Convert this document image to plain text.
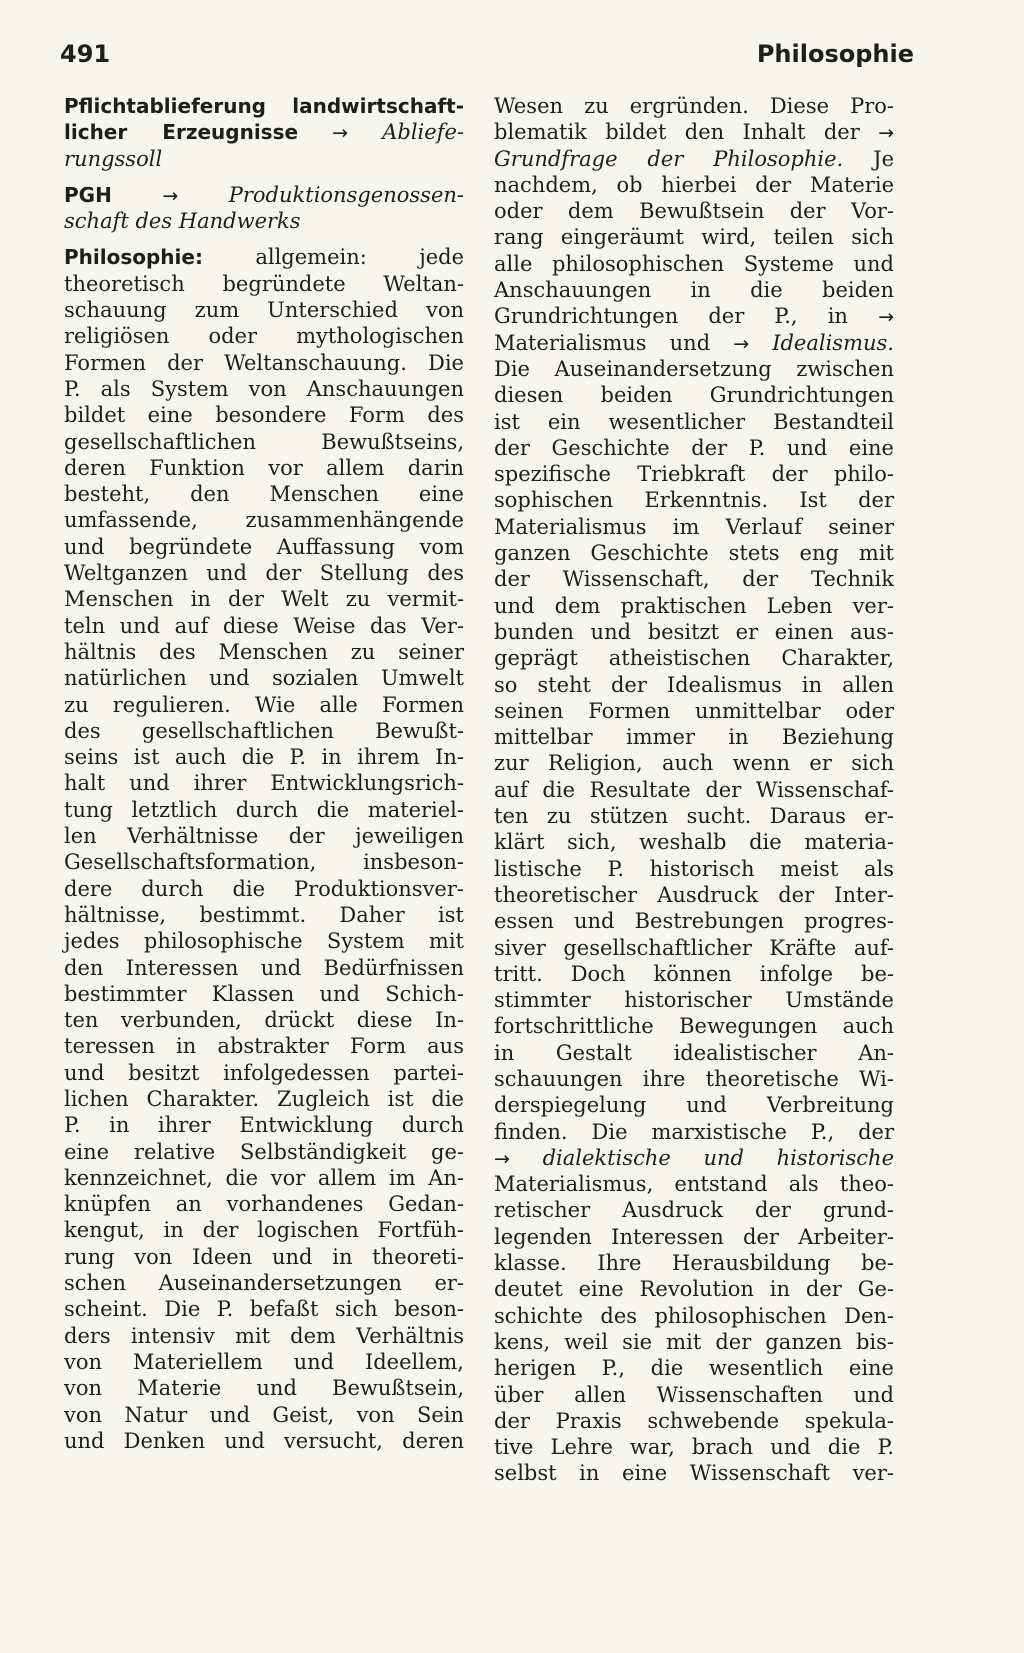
491	Philosophie
Pflichtablieferung landwirtschaft-
licher Erzeugnisse → Abliefe-
rungssoll
PGH → Produktionsgenossen-
schaft des Handwerks
Philosophie: allgemein: jede
theoretisch begründete Weltan-
schauung zum Unterschied von
religiösen oder mythologischen
Formen der Weltanschauung. Die
P. als System von Anschauungen
bildet eine besondere Form des
gesellschaftlichen Bewußtseins,
deren Funktion vor allem darin
besteht, den Menschen eine
umfassende, zusammenhängende
und begründete Auffassung vom
Weltganzen und der Stellung des
Menschen in der Welt zu vermit-
teln und auf diese Weise das Ver-
hältnis des Menschen zu seiner
natürlichen und sozialen Umwelt
zu regulieren. Wie alle Formen
des gesellschaftlichen Bewußt-
seins ist auch die P. in ihrem In-
halt und ihrer Entwicklungsrich-
tung letztlich durch die materiel-
len Verhältnisse der jeweiligen
Gesellschaftsformation, insbeson-
dere durch die Produktionsver-
hältnisse, bestimmt. Daher ist
jedes philosophische System mit
den Interessen und Bedürfnissen
bestimmter Klassen und Schich-
ten verbunden, drückt diese In-
teressen in abstrakter Form aus
und besitzt infolgedessen partei-
lichen Charakter. Zugleich ist die
P. in ihrer Entwicklung durch
eine relative Selbständigkeit ge-
kennzeichnet, die vor allem im An-
knüpfen an vorhandenes Gedan-
kengut, in der logischen Fortfüh-
rung von Ideen und in theoreti-
schen Auseinandersetzungen er-
scheint. Die P. befaßt sich beson-
ders intensiv mit dem Verhältnis
von Materiellem und Ideellem,
von Materie und Bewußtsein,
von Natur und Geist, von Sein
und Denken und versucht, deren
Wesen zu ergründen. Diese Pro-
blematik bildet den Inhalt der →
Grundfrage der Philosophie. Je
nachdem, ob hierbei der Materie
oder dem Bewußtsein der Vor-
rang eingeräumt wird, teilen sich
alle philosophischen Systeme und
Anschauungen in die beiden
Grundrichtungen der P., in →
Materialismus und → Idealismus.
Die Auseinandersetzung zwischen
diesen beiden Grundrichtungen
ist ein wesentlicher Bestandteil
der Geschichte der P. und eine
spezifische Triebkraft der philo-
sophischen Erkenntnis. Ist der
Materialismus im Verlauf seiner
ganzen Geschichte stets eng mit
der Wissenschaft, der Technik
und dem praktischen Leben ver-
bunden und besitzt er einen aus-
geprägt atheistischen Charakter,
so steht der Idealismus in allen
seinen Formen unmittelbar oder
mittelbar immer in Beziehung
zur Religion, auch wenn er sich
auf die Resultate der Wissenschaf-
ten zu stützen sucht. Daraus er-
klärt sich, weshalb die materia-
listische P. historisch meist als
theoretischer Ausdruck der Inter-
essen und Bestrebungen progres-
siver gesellschaftlicher Kräfte auf-
tritt. Doch können infolge be-
stimmter historischer Umstände
fortschrittliche Bewegungen auch
in Gestalt idealistischer An-
schauungen ihre theoretische Wi-
derspiegelung und Verbreitung
finden. Die marxistische P., der
→ dialektische und historische
Materialismus, entstand als theo-
retischer Ausdruck der grund-
legenden Interessen der Arbeiter-
klasse. Ihre Herausbildung be-
deutet eine Revolution in der Ge-
schichte des philosophischen Den-
kens, weil sie mit der ganzen bis-
herigen P., die wesentlich eine
über allen Wissenschaften und
der Praxis schwebende spekula-
tive Lehre war, brach und die P.
selbst in eine Wissenschaft ver-
